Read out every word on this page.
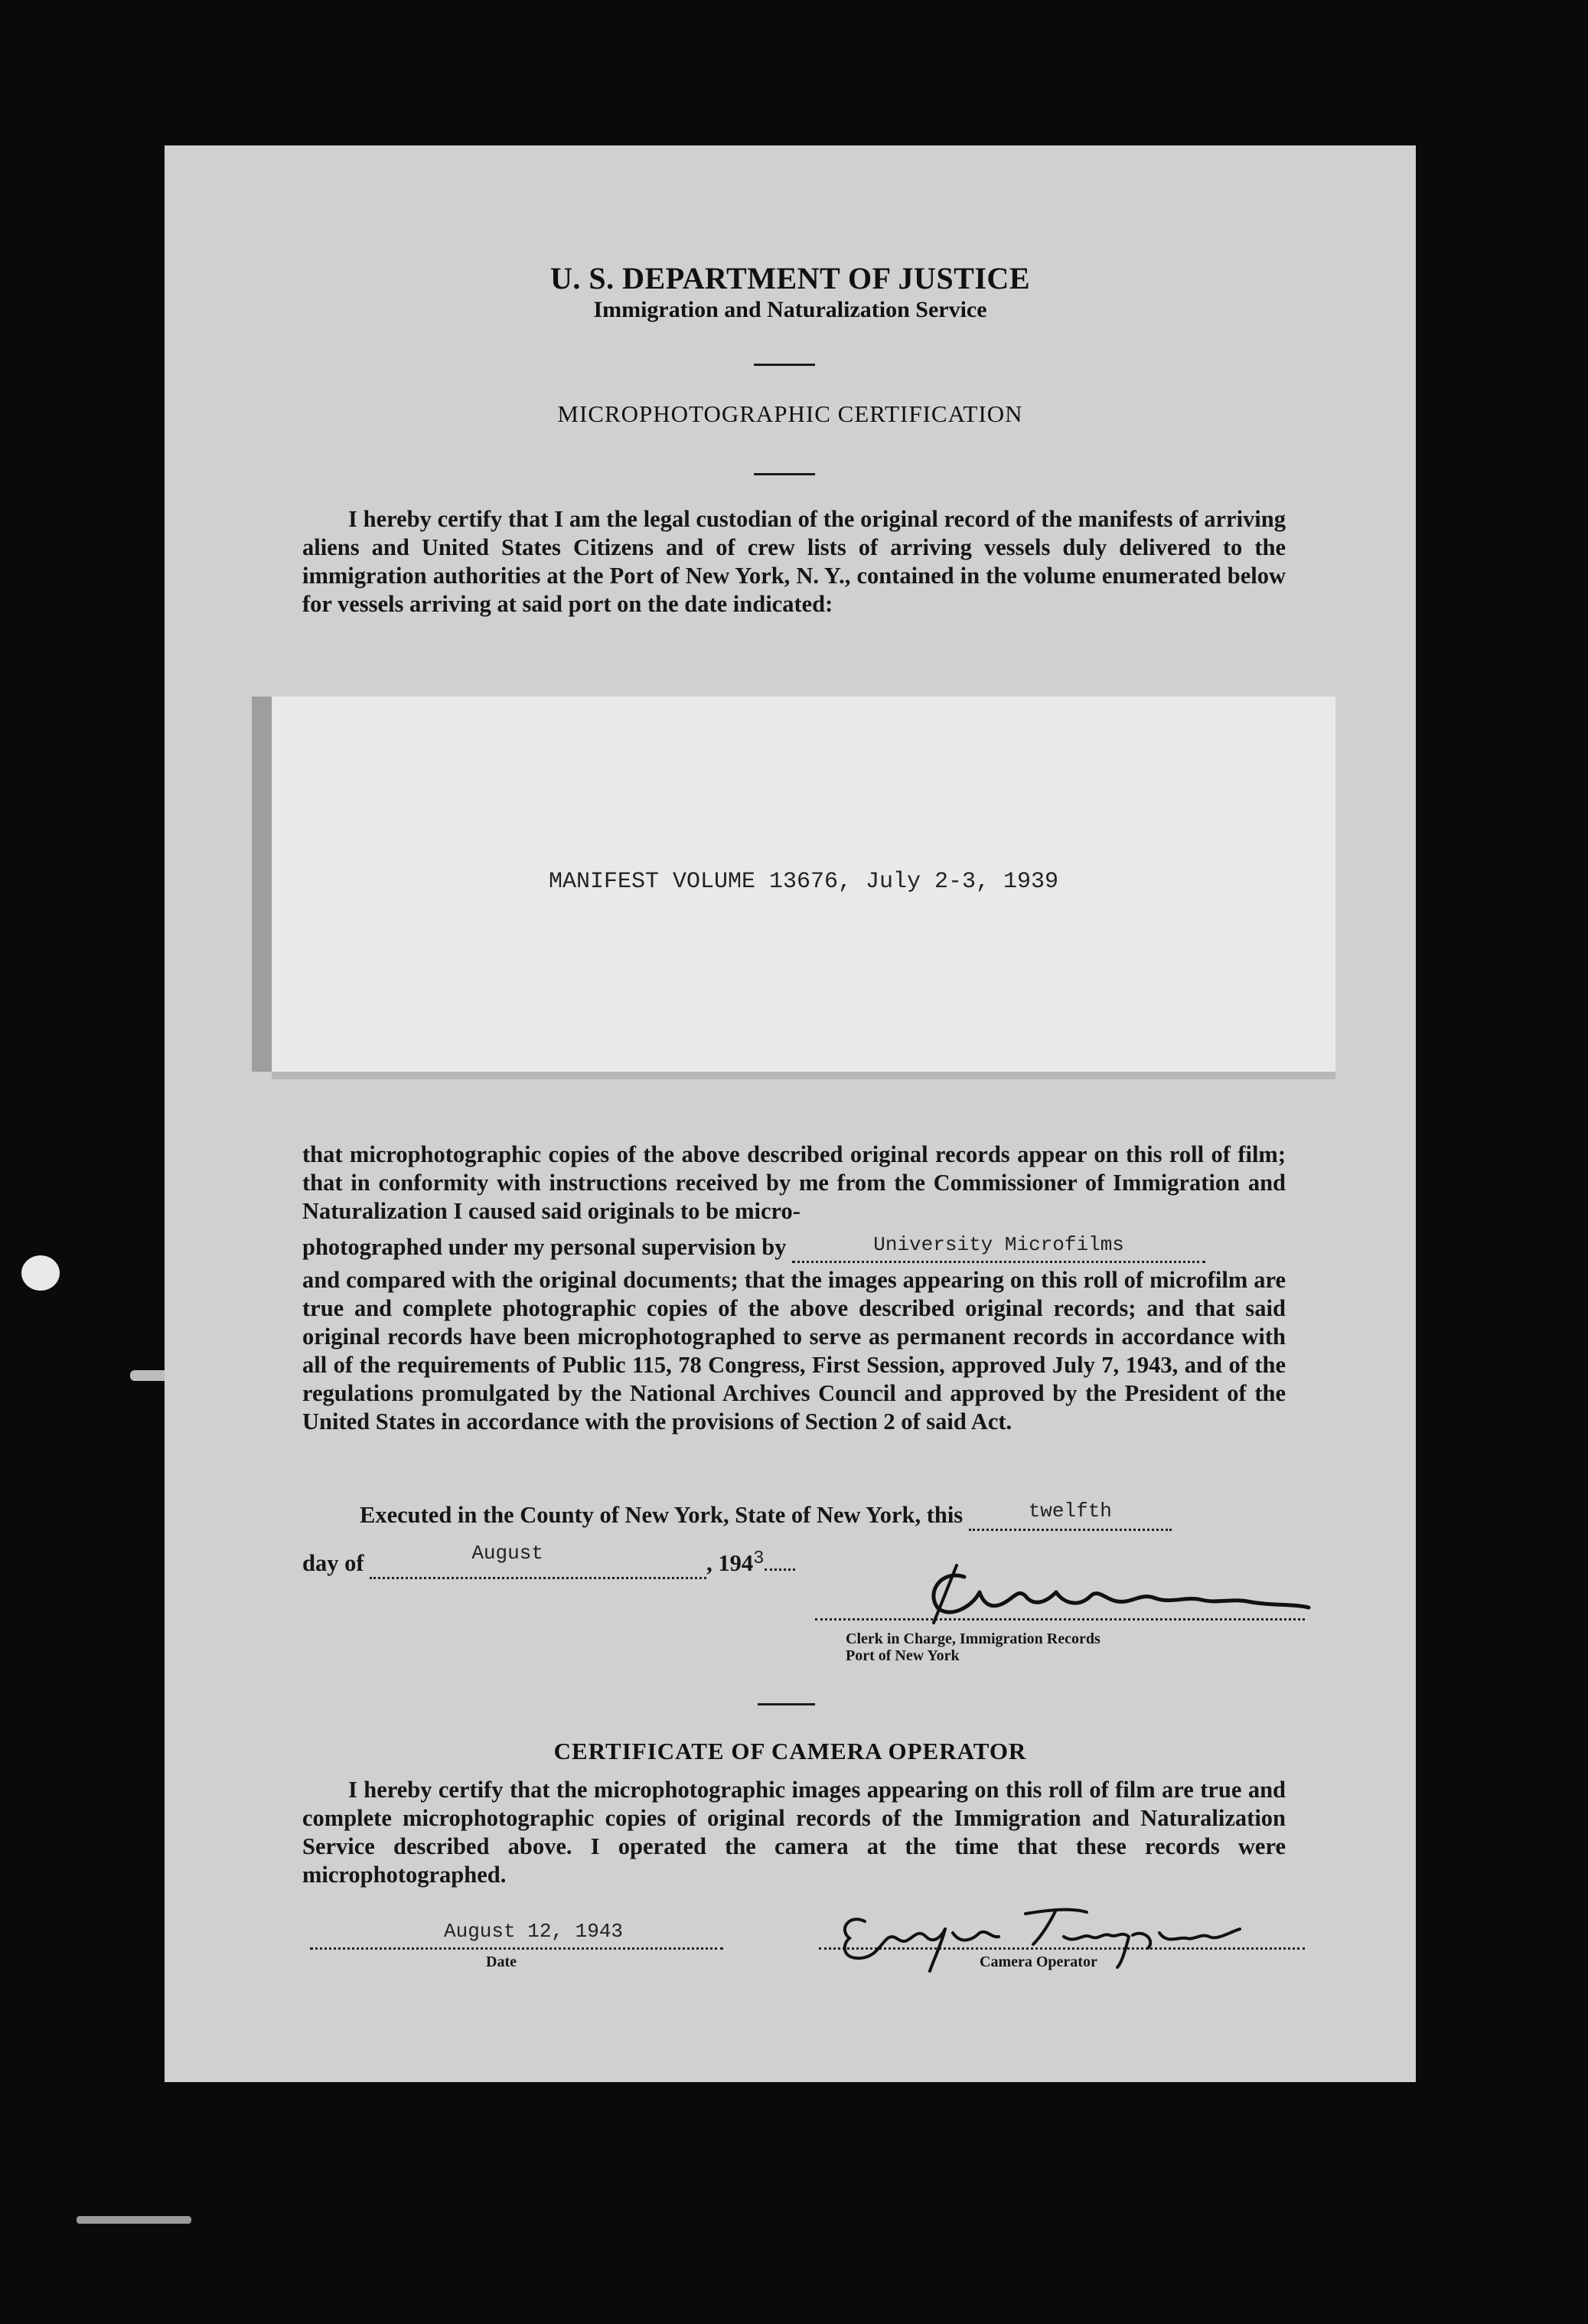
U. S. DEPARTMENT OF JUSTICE
Immigration and Naturalization Service
MICROPHOTOGRAPHIC CERTIFICATION
I hereby certify that I am the legal custodian of the original record of the manifests of arriving aliens and United States Citizens and of crew lists of arriving vessels duly delivered to the immigration authorities at the Port of New York, N. Y., contained in the volume enumerated below for vessels arriving at said port on the date indicated:
MANIFEST VOLUME 13676, July 2-3, 1939
that microphotographic copies of the above described original records appear on this roll of film; that in conformity with instructions received by me from the Commissioner of Immigration and Naturalization I caused said originals to be micro-
photographed under my personal supervision by	University Microfilms
and compared with the original documents; that the images appearing on this roll of microfilm are true and complete photographic copies of the above described original records; and that said original records have been microphotographed to serve as permanent records in accordance with all of the requirements of Public 115, 78 Congress, First Session, approved July 7, 1943, and of the regulations promulgated by the National Archives Council and approved by the President of the United States in accordance with the provisions of Section 2 of said Act.
Executed in the County of New York, State of New York, this	twelfth
day of	August	, $194^3$
Clerk in Charge, Immigration Records
Port of New York
CERTIFICATE OF CAMERA OPERATOR
I hereby certify that the microphotographic images appearing on this roll of film are true and complete microphotographic copies of original records of the Immigration and Naturalization Service described above. I operated the camera at the time that these records were microphotographed.
August 12, 1943
Date	Camera Operator
